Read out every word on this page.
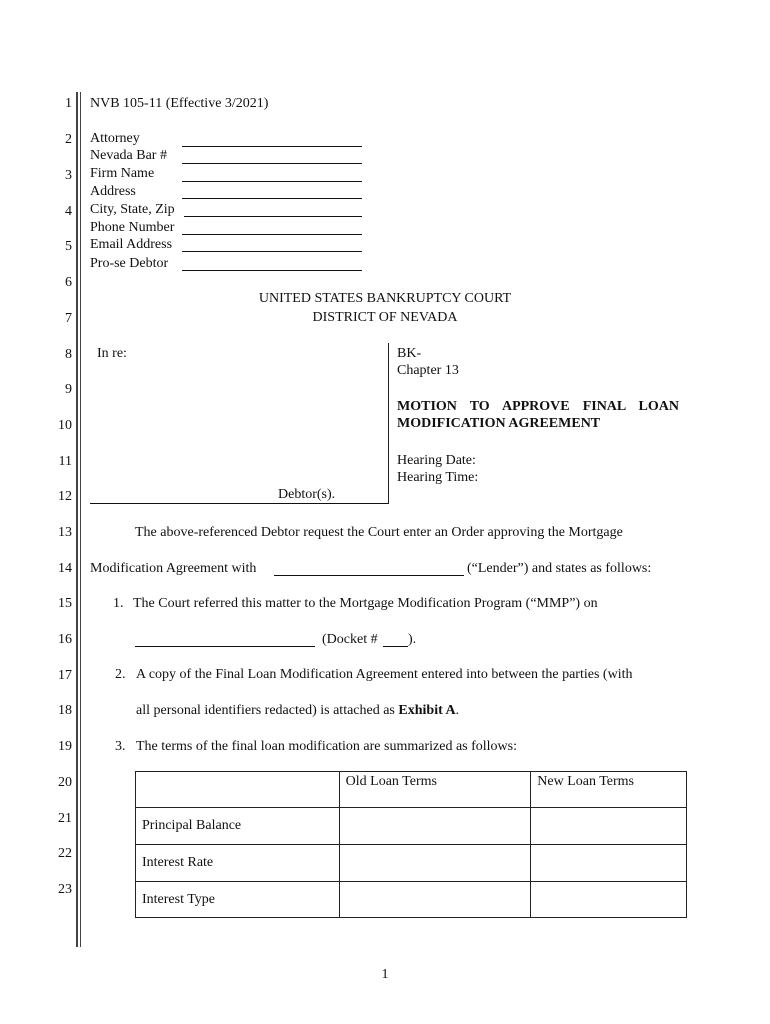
1
2
3
4
5
6
7
8
9
10
11
12
13
14
15
16
17
18
19
20
21
22
23
NVB 105-11 (Effective 3/2021)
Attorney
Nevada Bar #
Firm Name
Address
City, State, Zip
Phone Number
Email Address
Pro-se Debtor
UNITED STATES BANKRUPTCY COURT
DISTRICT OF NEVADA
In re:
Debtor(s).
BK-
Chapter 13
MOTION TO APPROVE FINAL LOAN
MODIFICATION AGREEMENT
Hearing Date:
Hearing Time:
The above-referenced Debtor request the Court enter an Order approving the Mortgage
Modification Agreement with	(“Lender”) and states as follows:
1. The Court referred this matter to the Mortgage Modification Program (“MMP”) on
(Docket # ).
2. A copy of the Final Loan Modification Agreement entered into between the parties (with
all personal identifiers redacted) is attached as Exhibit A.
3. The terms of the final loan modification are summarized as follows:
	Old Loan Terms	New Loan Terms
Principal Balance		
Interest Rate		
Interest Type		
1
